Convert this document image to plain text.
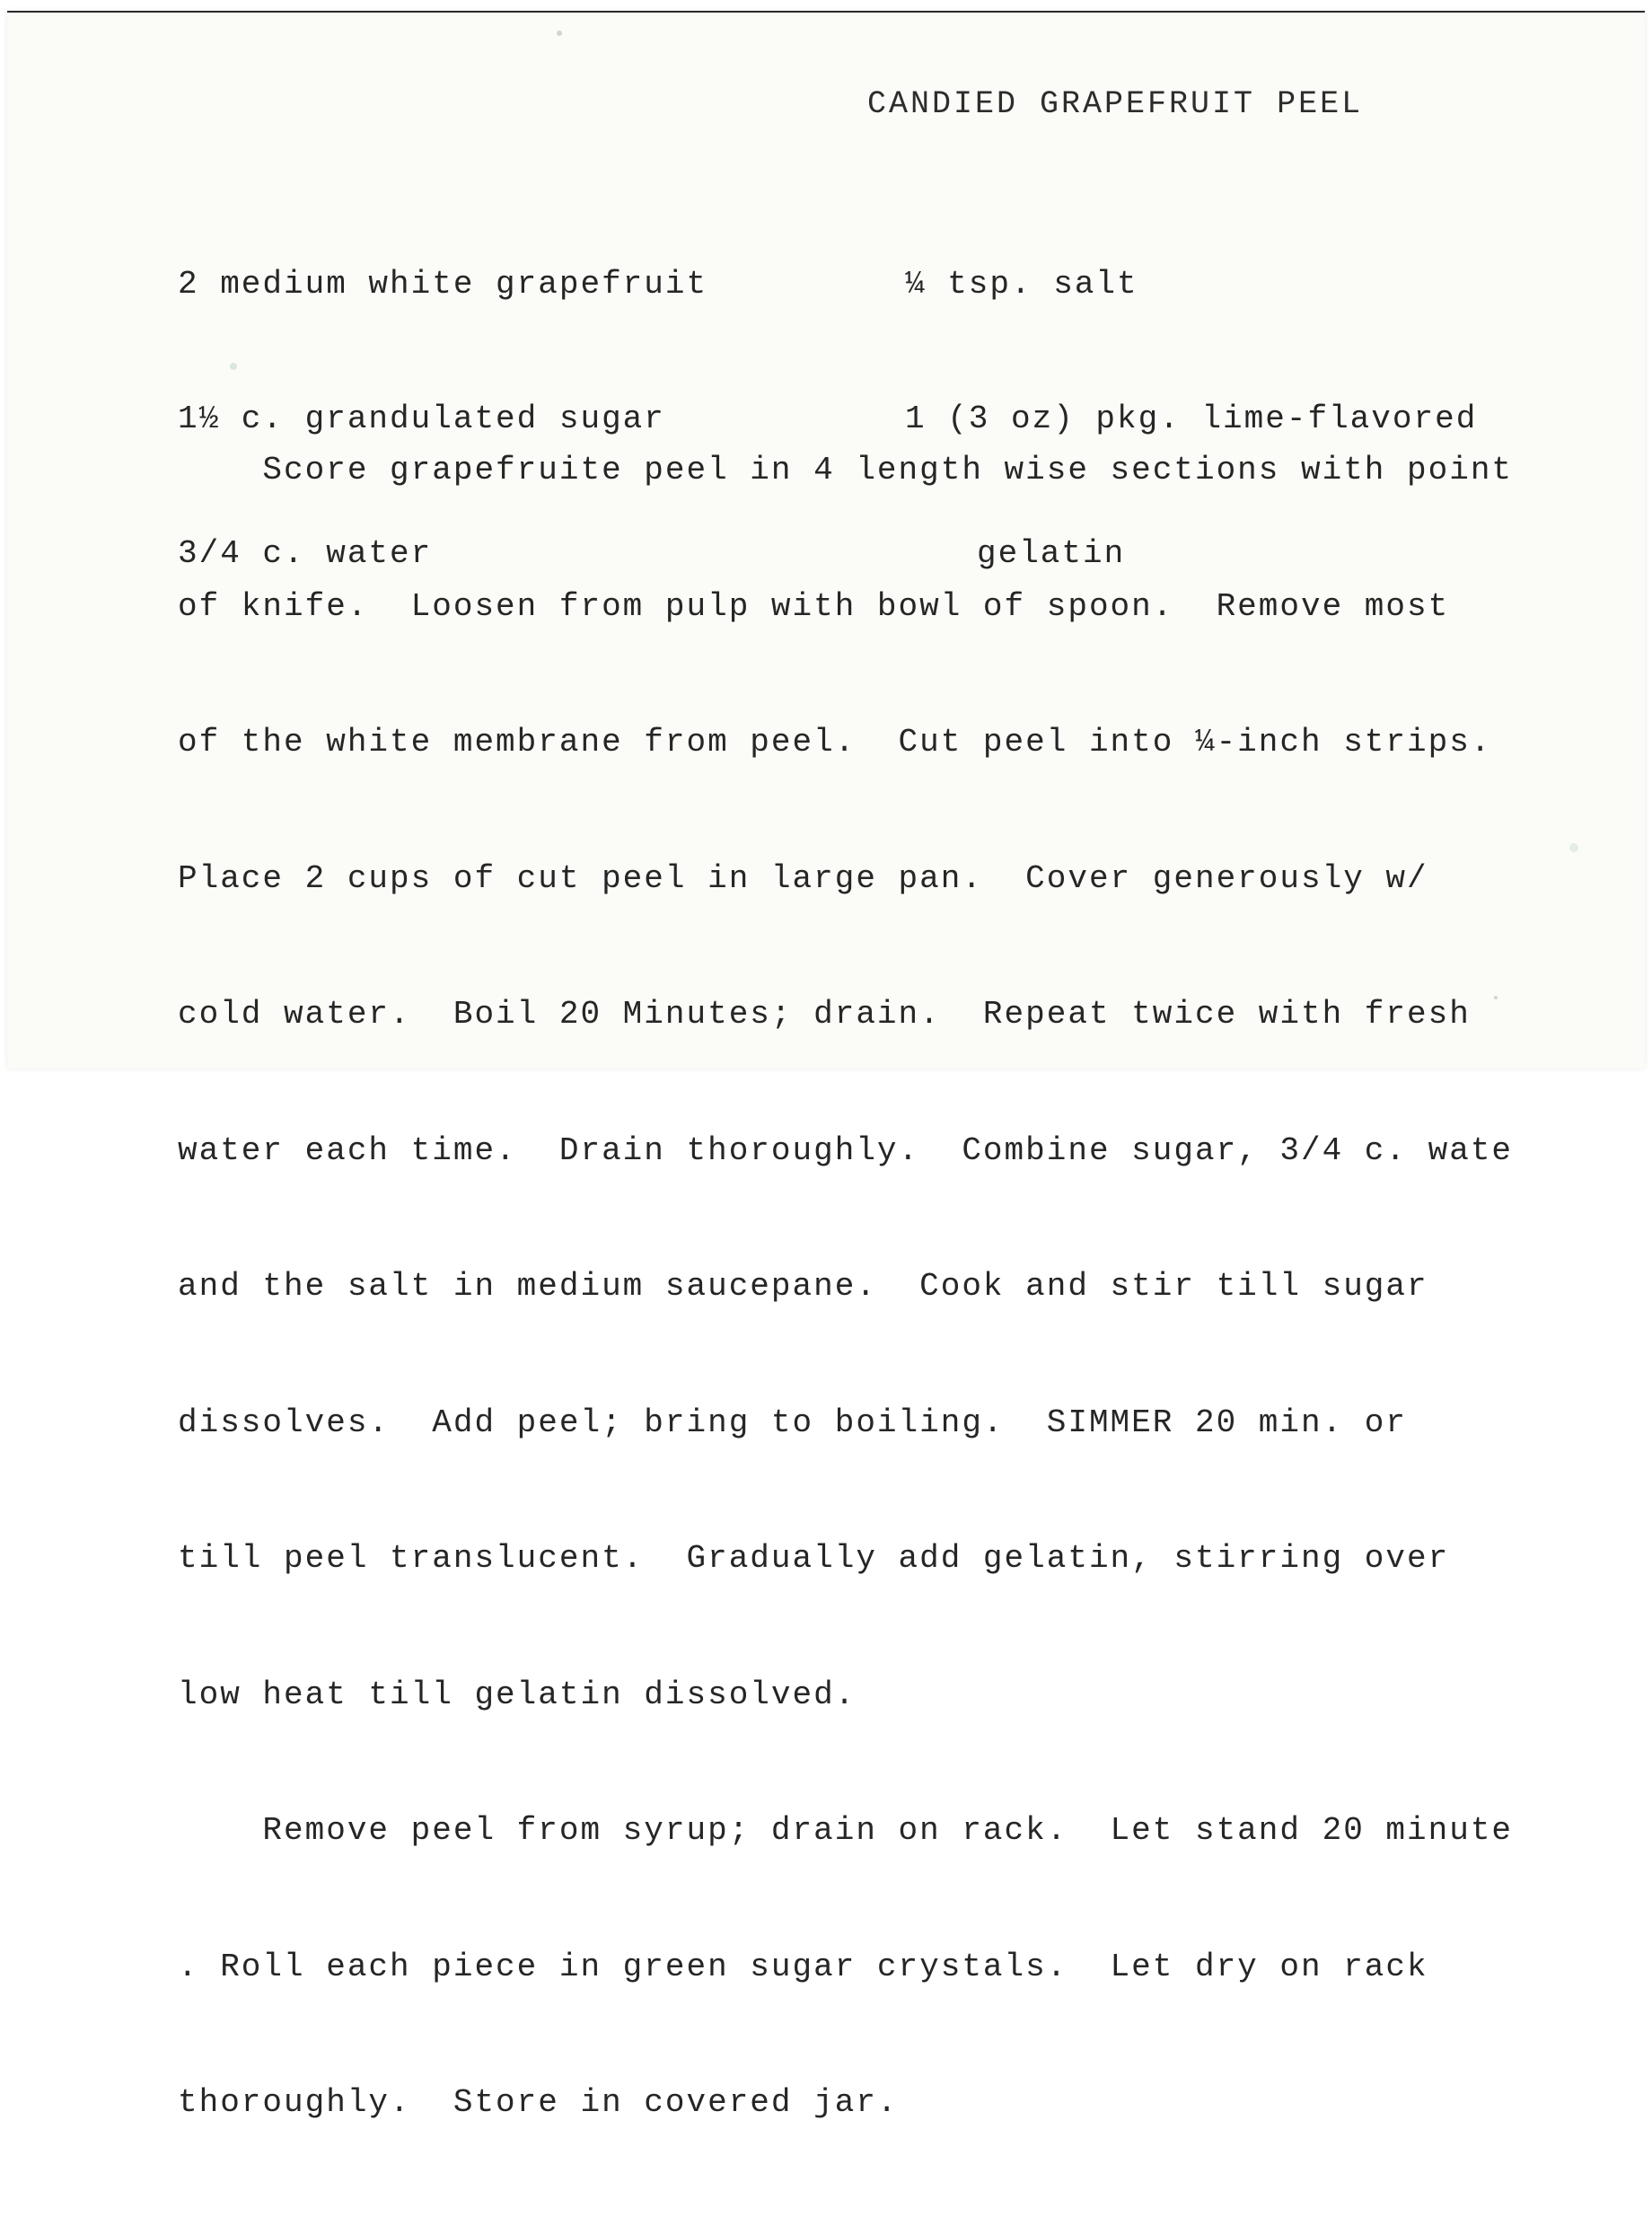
CANDIED GRAPEFRUIT PEEL

2 medium white grapefruit

1½ c. grandulated sugar

3/4 c. water

¼ tsp. salt

1 (3 oz) pkg. lime-flavored

gelatin

Score grapefruite peel in 4 length wise sections with point

of knife.  Loosen from pulp with bowl of spoon.  Remove most

of the white membrane from peel.  Cut peel into ¼-inch strips.

Place 2 cups of cut peel in large pan.  Cover generously w/

cold water.  Boil 20 Minutes; drain.  Repeat twice with fresh

water each time.  Drain thoroughly.  Combine sugar, 3/4 c. wate

and the salt in medium saucepane.  Cook and stir till sugar

dissolves.  Add peel; bring to boiling.  SIMMER 20 min. or

till peel translucent.  Gradually add gelatin, stirring over

low heat till gelatin dissolved.

Remove peel from syrup; drain on rack.  Let stand 20 minute

. Roll each piece in green sugar crystals.  Let dry on rack

thoroughly.  Store in covered jar.
